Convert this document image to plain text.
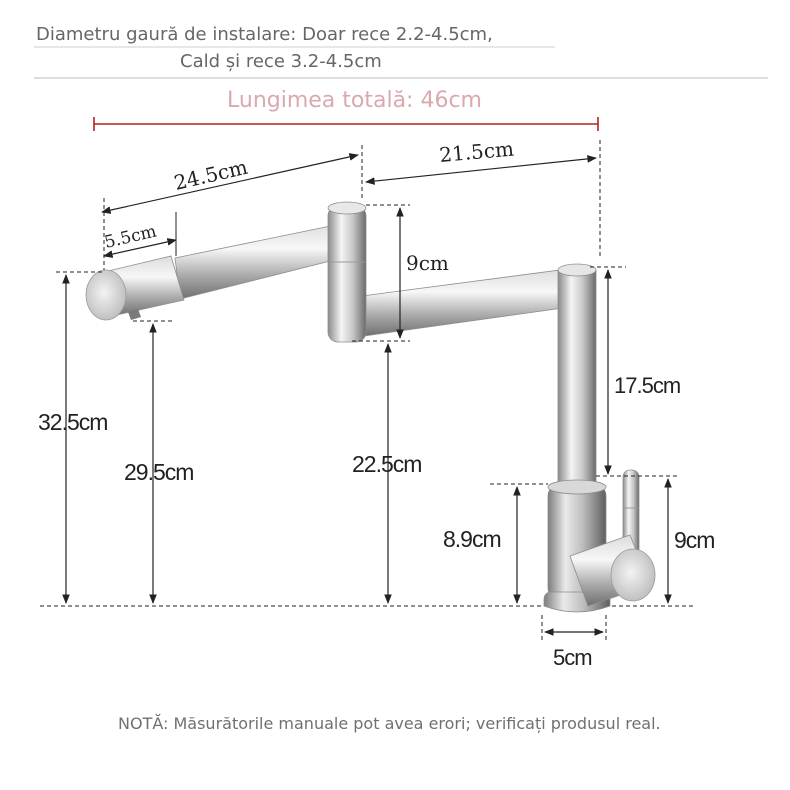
Diametru gaură de instalare: Doar rece 2.2-4.5cm,
Cald și rece 3.2-4.5cm
Lungimea totală: 46cm
24.5cm
21.5cm
5.5cm
9cm
17.5cm
32.5cm
29.5cm	22.5cm
8.9cm	9cm
5cm
NOTĂ: Măsurătorile manuale pot avea erori; verificați produsul real.
